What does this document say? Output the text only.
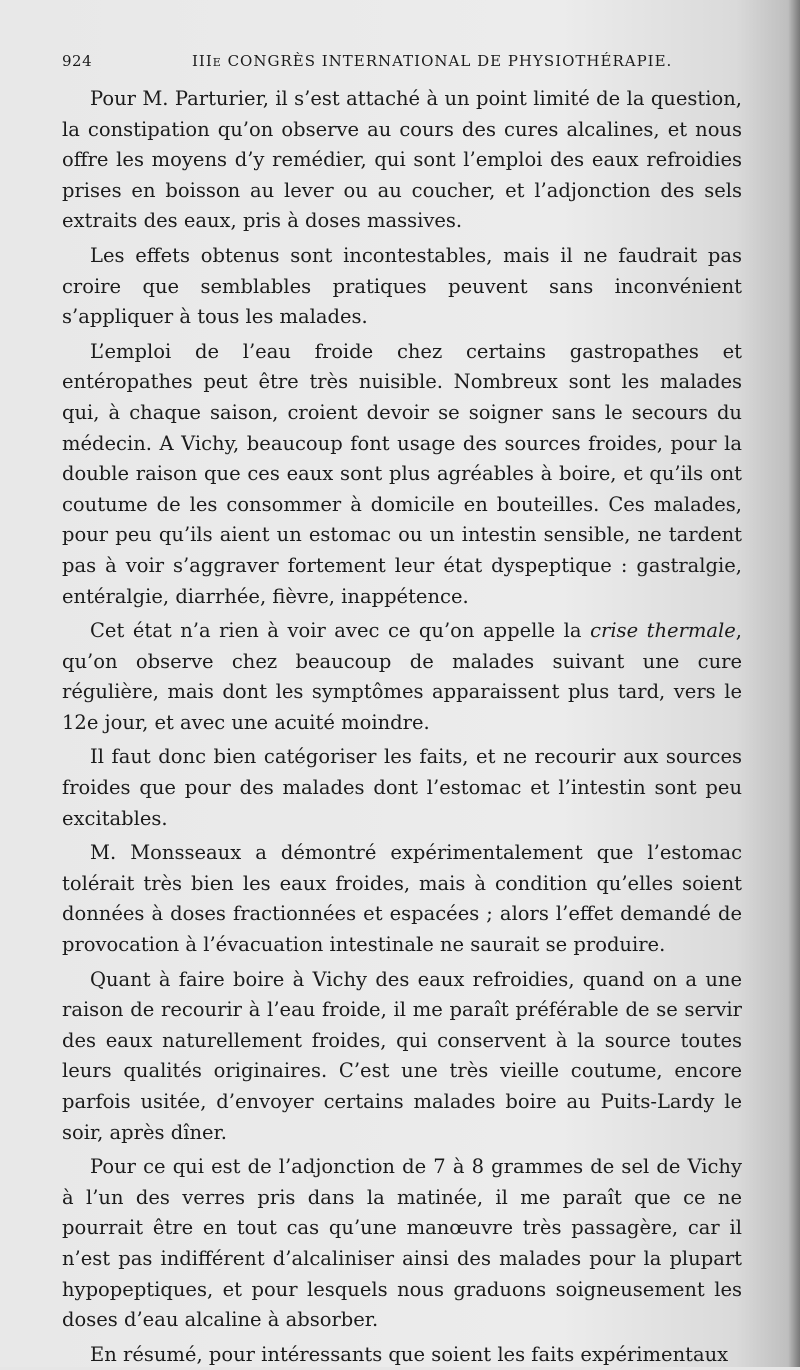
924	IIIe CONGRÈS INTERNATIONAL DE PHYSIOTHÉRAPIE.

Pour M. Parturier, il s’est attaché à un point limité de la question, la constipation qu’on observe au cours des cures alcalines, et nous offre les moyens d’y remédier, qui sont l’emploi des eaux refroidies prises en boisson au lever ou au coucher, et l’adjonction des sels extraits des eaux, pris à doses massives.

Les effets obtenus sont incontestables, mais il ne faudrait pas croire que semblables pratiques peuvent sans inconvénient s’appliquer à tous les malades.

L’emploi de l’eau froide chez certains gastropathes et entéropathes peut être très nuisible. Nombreux sont les malades qui, à chaque saison, croient devoir se soigner sans le secours du médecin. A Vichy, beaucoup font usage des sources froides, pour la double raison que ces eaux sont plus agréables à boire, et qu’ils ont coutume de les consommer à domicile en bouteilles. Ces malades, pour peu qu’ils aient un estomac ou un intestin sensible, ne tardent pas à voir s’aggraver fortement leur état dyspeptique : gastralgie, entéralgie, diarrhée, fièvre, inappétence.

Cet état n’a rien à voir avec ce qu’on appelle la crise thermale, qu’on observe chez beaucoup de malades suivant une cure régulière, mais dont les symptômes apparaissent plus tard, vers le 12e jour, et avec une acuité moindre.

Il faut donc bien catégoriser les faits, et ne recourir aux sources froides que pour des malades dont l’estomac et l’intestin sont peu excitables.

M. Monsseaux a démontré expérimentalement que l’estomac tolérait très bien les eaux froides, mais à condition qu’elles soient données à doses fractionnées et espacées ; alors l’effet demandé de provocation à l’évacuation intestinale ne saurait se produire.

Quant à faire boire à Vichy des eaux refroidies, quand on a une raison de recourir à l’eau froide, il me paraît préférable de se servir des eaux naturellement froides, qui conservent à la source toutes leurs qualités originaires. C’est une très vieille coutume, encore parfois usitée, d’envoyer certains malades boire au Puits-Lardy le soir, après dîner.

Pour ce qui est de l’adjonction de 7 à 8 grammes de sel de Vichy à l’un des verres pris dans la matinée, il me paraît que ce ne pourrait être en tout cas qu’une manœuvre très passagère, car il n’est pas indifférent d’alcaliniser ainsi des malades pour la plupart hypopeptiques, et pour lesquels nous graduons soigneusement les doses d’eau alcaline à absorber.

En résumé, pour intéressants que soient les faits expérimentaux
